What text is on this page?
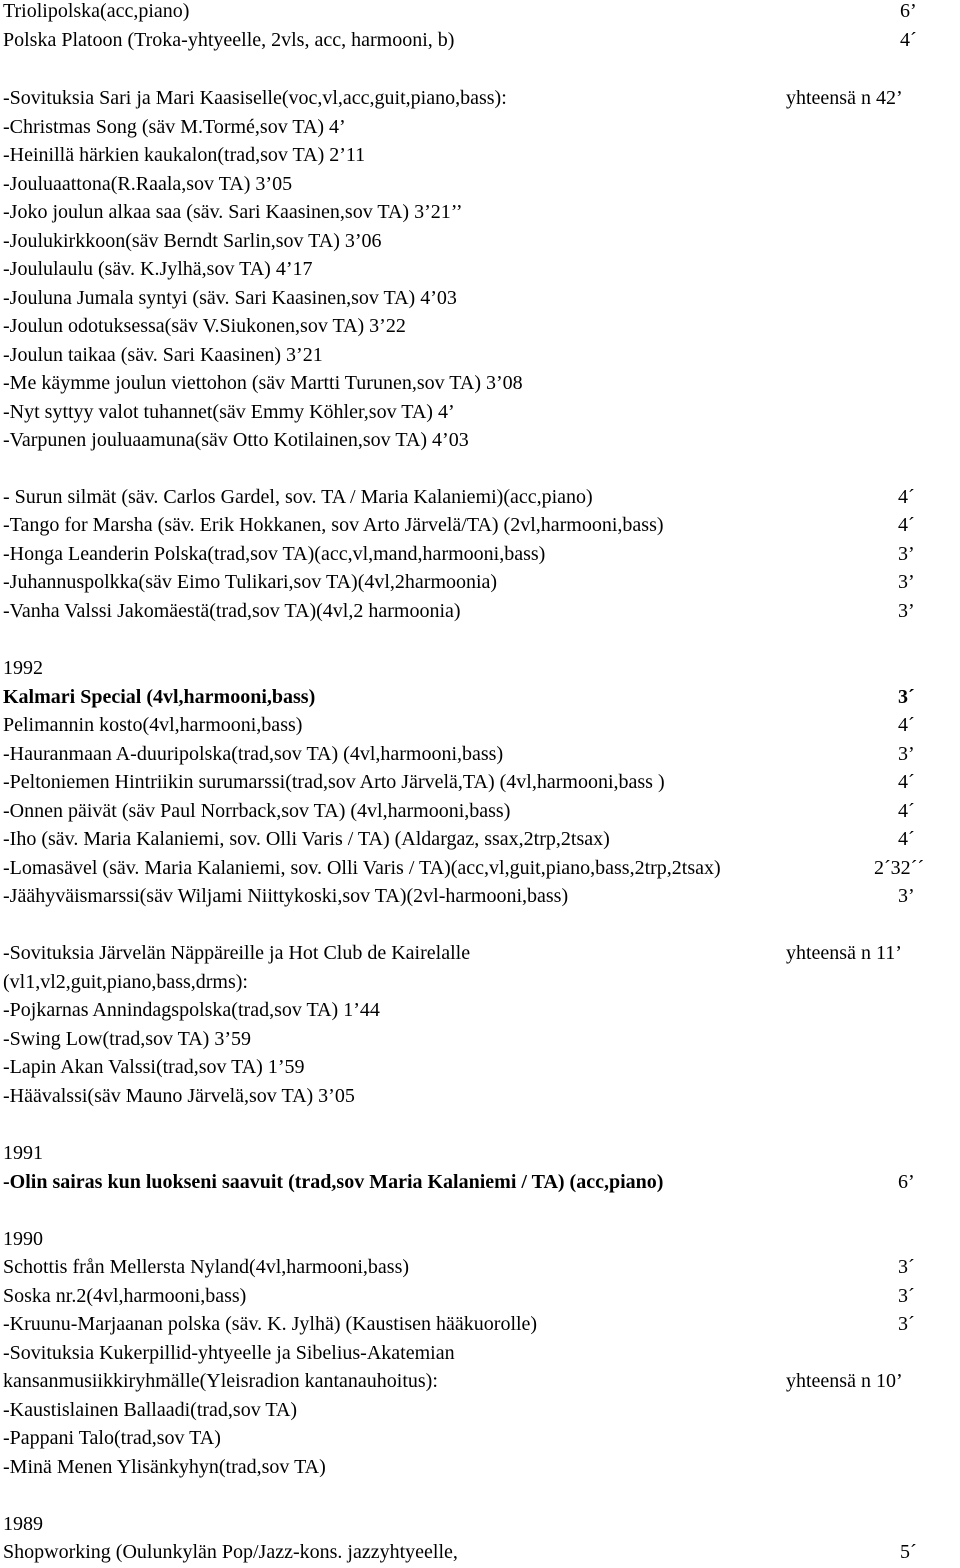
Triolipolska(acc,piano)	6’
Polska Platoon (Troka-yhtyeelle, 2vls, acc, harmooni, b)	4´
-Sovituksia Sari ja Mari Kaasiselle(voc,vl,acc,guit,piano,bass):	yhteensä n 42’
-Christmas Song (säv M.Tormé,sov TA) 4’
-Heinillä härkien kaukalon(trad,sov TA) 2’11
-Jouluaattona(R.Raala,sov TA) 3’05
-Joko joulun alkaa saa (säv. Sari Kaasinen,sov TA) 3’21’’
-Joulukirkkoon(säv Berndt Sarlin,sov TA) 3’06
-Joululaulu (säv. K.Jylhä,sov TA) 4’17
-Jouluna Jumala syntyi (säv. Sari Kaasinen,sov TA) 4’03
-Joulun odotuksessa(säv V.Siukonen,sov TA) 3’22
-Joulun taikaa (säv. Sari Kaasinen) 3’21
-Me käymme joulun viettohon (säv Martti Turunen,sov TA) 3’08
-Nyt syttyy valot tuhannet(säv Emmy Köhler,sov TA) 4’
-Varpunen jouluaamuna(säv Otto Kotilainen,sov TA) 4’03
- Surun silmät (säv. Carlos Gardel, sov. TA / Maria Kalaniemi)(acc,piano)	4´
-Tango for Marsha (säv. Erik Hokkanen, sov Arto Järvelä/TA) (2vl,harmooni,bass)	4´
-Honga Leanderin Polska(trad,sov TA)(acc,vl,mand,harmooni,bass)	3’
-Juhannuspolkka(säv Eimo Tulikari,sov TA)(4vl,2harmoonia)	3’
-Vanha Valssi Jakomäestä(trad,sov TA)(4vl,2 harmoonia)	3’
1992
Kalmari Special (4vl,harmooni,bass)	3´
Pelimannin kosto(4vl,harmooni,bass)	4´
-Hauranmaan A-duuripolska(trad,sov TA) (4vl,harmooni,bass)	3’
-Peltoniemen Hintriikin surumarssi(trad,sov Arto Järvelä,TA) (4vl,harmooni,bass )	4´
-Onnen päivät (säv Paul Norrback,sov TA) (4vl,harmooni,bass)	4´
-Iho (säv. Maria Kalaniemi, sov. Olli Varis / TA) (Aldargaz, ssax,2trp,2tsax)	4´
-Lomasävel (säv. Maria Kalaniemi, sov. Olli Varis / TA)(acc,vl,guit,piano,bass,2trp,2tsax)	2´32´´
-Jäähyväismarssi(säv Wiljami Niittykoski,sov TA)(2vl-harmooni,bass)	3’
-Sovituksia Järvelän Näppäreille ja Hot Club de Kairelalle	yhteensä n 11’
(vl1,vl2,guit,piano,bass,drms):
-Pojkarnas Annindagspolska(trad,sov TA) 1’44
-Swing Low(trad,sov TA) 3’59
-Lapin Akan Valssi(trad,sov TA) 1’59
-Häävalssi(säv Mauno Järvelä,sov TA) 3’05
1991
-Olin sairas kun luokseni saavuit (trad,sov Maria Kalaniemi / TA) (acc,piano)	6’
1990
Schottis från Mellersta Nyland(4vl,harmooni,bass)	3´
Soska nr.2(4vl,harmooni,bass)	3´
-Kruunu-Marjaanan polska (säv. K. Jylhä) (Kaustisen hääkuorolle)	3´
-Sovituksia Kukerpillid-yhtyeelle ja Sibelius-Akatemian
kansanmusiikkiryhmälle(Yleisradion kantanauhoitus):	yhteensä n 10’
-Kaustislainen Ballaadi(trad,sov TA)
-Pappani Talo(trad,sov TA)
-Minä Menen Ylisänkyhyn(trad,sov TA)
1989
Shopworking (Oulunkylän Pop/Jazz-kons. jazzyhtyeelle,	5´
